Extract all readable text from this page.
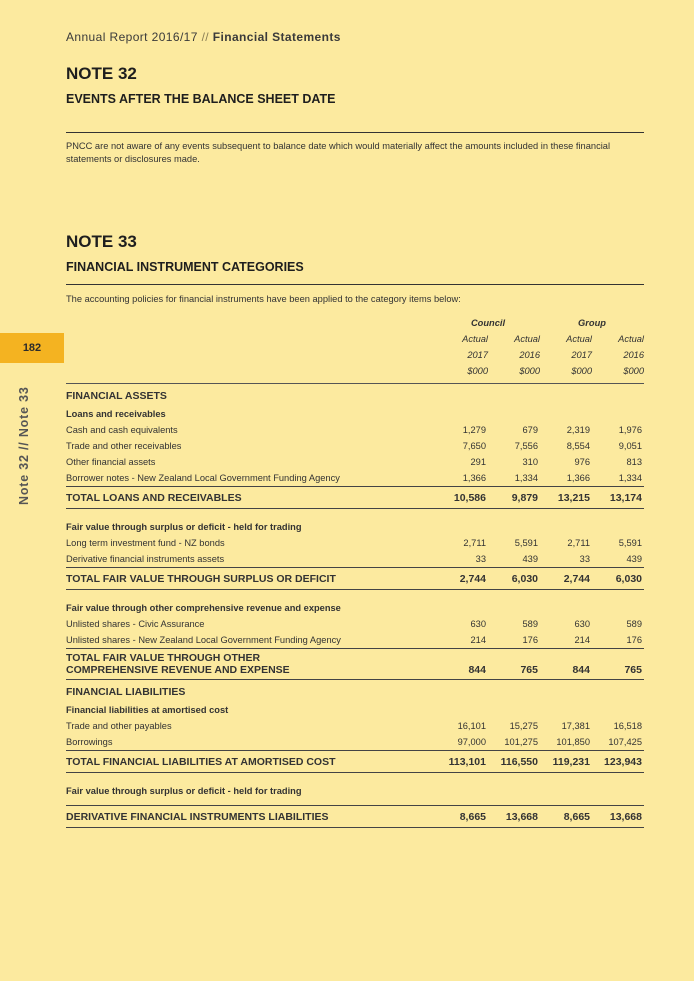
Annual Report 2016/17 // Financial Statements
182
Note 32 // Note 33
NOTE 32
EVENTS AFTER THE BALANCE SHEET DATE
PNCC are not aware of any events subsequent to balance date which would materially affect the amounts included in these financial statements or disclosures made.
NOTE 33
FINANCIAL INSTRUMENT CATEGORIES
The accounting policies for financial instruments have been applied to the category items below:
	Council		Group	
	Actual	Actual	Actual	Actual
	2017	2016	2017	2016
	$000	$000	$000	$000
FINANCIAL ASSETS				
Loans and receivables				
Cash and cash equivalents	1,279	679	2,319	1,976
Trade and other receivables	7,650	7,556	8,554	9,051
Other financial assets	291	310	976	813
Borrower notes - New Zealand Local Government Funding Agency	1,366	1,334	1,366	1,334
TOTAL LOANS AND RECEIVABLES	10,586	9,879	13,215	13,174
Fair value through surplus or deficit - held for trading				
Long term investment fund - NZ bonds	2,711	5,591	2,711	5,591
Derivative financial instruments assets	33	439	33	439
TOTAL FAIR VALUE THROUGH SURPLUS OR DEFICIT	2,744	6,030	2,744	6,030
Fair value through other comprehensive revenue and expense				
Unlisted shares - Civic Assurance	630	589	630	589
Unlisted shares - New Zealand Local Government Funding Agency	214	176	214	176

TOTAL FAIR VALUE THROUGH OTHER
COMPREHENSIVE REVENUE AND EXPENSE	844	765	844	765
FINANCIAL LIABILITIES				
Financial liabilities at amortised cost				
Trade and other payables	16,101	15,275	17,381	16,518
Borrowings	97,000	101,275	101,850	107,425
TOTAL FINANCIAL LIABILITIES AT AMORTISED COST	113,101	116,550	119,231	123,943
Fair value through surplus or deficit - held for trading				

DERIVATIVE FINANCIAL INSTRUMENTS LIABILITIES	8,665	13,668	8,665	13,668
